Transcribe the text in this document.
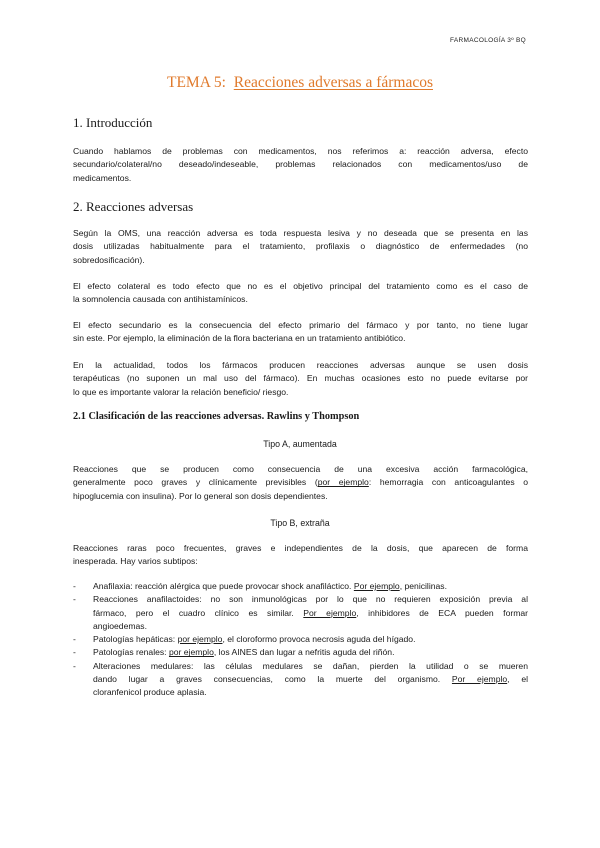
FARMACOLOGÍA 3º BQ
TEMA 5: Reacciones adversas a fármacos
1. Introducción
Cuando hablamos de problemas con medicamentos, nos referimos a: reacción adversa, efecto
secundario/colateral/no deseado/indeseable, problemas relacionados con medicamentos/uso de
medicamentos.
2. Reacciones adversas
Según la OMS, una reacción adversa es toda respuesta lesiva y no deseada que se presenta en las
dosis utilizadas habitualmente para el tratamiento, profilaxis o diagnóstico de enfermedades (no
sobredosificación).
El efecto colateral es todo efecto que no es el objetivo principal del tratamiento como es el caso de
la somnolencia causada con antihistamínicos.
El efecto secundario es la consecuencia del efecto primario del fármaco y por tanto, no tiene lugar
sin este. Por ejemplo, la eliminación de la flora bacteriana en un tratamiento antibiótico.
En la actualidad, todos los fármacos producen reacciones adversas aunque se usen dosis
terapéuticas (no suponen un mal uso del fármaco). En muchas ocasiones esto no puede evitarse por
lo que es importante valorar la relación beneficio/ riesgo.
2.1 Clasificación de las reacciones adversas. Rawlins y Thompson
Tipo A, aumentada
Reacciones que se producen como consecuencia de una excesiva acción farmacológica,
generalmente poco graves y clínicamente previsibles (por ejemplo: hemorragia con anticoagulantes o
hipoglucemia con insulina). Por lo general son dosis dependientes.
Tipo B, extraña
Reacciones raras poco frecuentes, graves e independientes de la dosis, que aparecen de forma
inesperada. Hay varios subtipos:
- Anafilaxia: reacción alérgica que puede provocar shock anafiláctico. Por ejemplo, penicilinas.
- Reacciones anafilactoides: no son inmunológicas por lo que no requieren exposición previa al
fármaco, pero el cuadro clínico es similar. Por ejemplo, inhibidores de ECA pueden formar
angioedemas.
- Patologías hepáticas: por ejemplo, el cloroformo provoca necrosis aguda del hígado.
- Patologías renales: por ejemplo, los AINES dan lugar a nefritis aguda del riñón.
- Alteraciones medulares: las células medulares se dañan, pierden la utilidad o se mueren
dando lugar a graves consecuencias, como la muerte del organismo. Por ejemplo, el
cloranfenicol produce aplasia.
